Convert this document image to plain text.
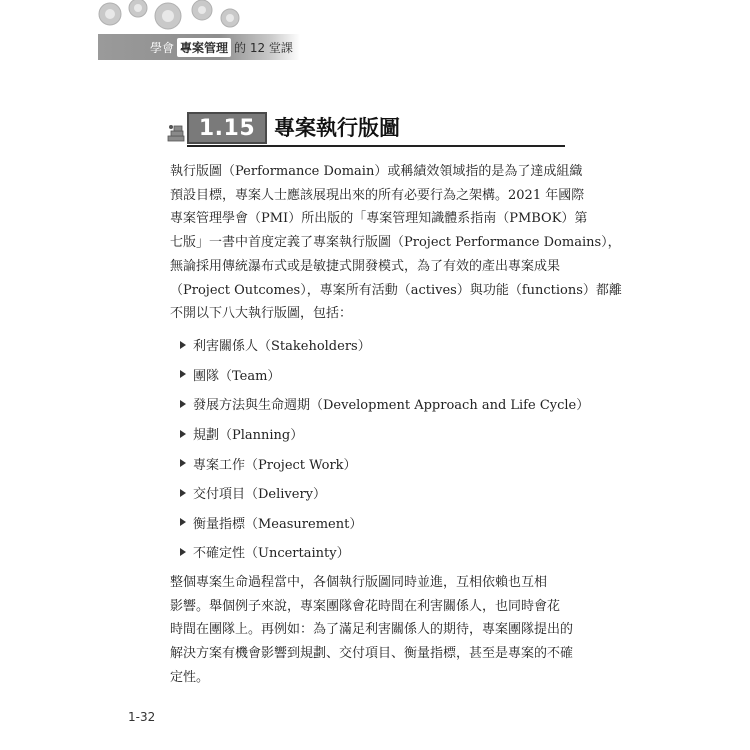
學會 專案管理 的 12 堂課
1.15 專案執行版圖

執行版圖（Performance Domain）或稱績效領域指的是為了達成組織
預設目標，專案人士應該展現出來的所有必要行為之架構。2021 年國際
專案管理學會（PMI）所出版的「專案管理知識體系指南（PMBOK）第
七版」一書中首度定義了專案執行版圖（Project Performance Domains），
無論採用傳統瀑布式或是敏捷式開發模式，為了有效的產出專案成果
（Project Outcomes），專案所有活動（actives）與功能（functions）都離
不開以下八大執行版圖，包括：

利害關係人（Stakeholders）
團隊（Team）
發展方法與生命週期（Development Approach and Life Cycle）
規劃（Planning）
專案工作（Project Work）
交付項目（Delivery）
衡量指標（Measurement）
不確定性（Uncertainty）

整個專案生命過程當中，各個執行版圖同時並進，互相依賴也互相
影響。舉個例子來說，專案團隊會花時間在利害關係人，也同時會花
時間在團隊上。再例如：為了滿足利害關係人的期待，專案團隊提出的
解決方案有機會影響到規劃、交付項目、衡量指標，甚至是專案的不確
定性。

1-32
